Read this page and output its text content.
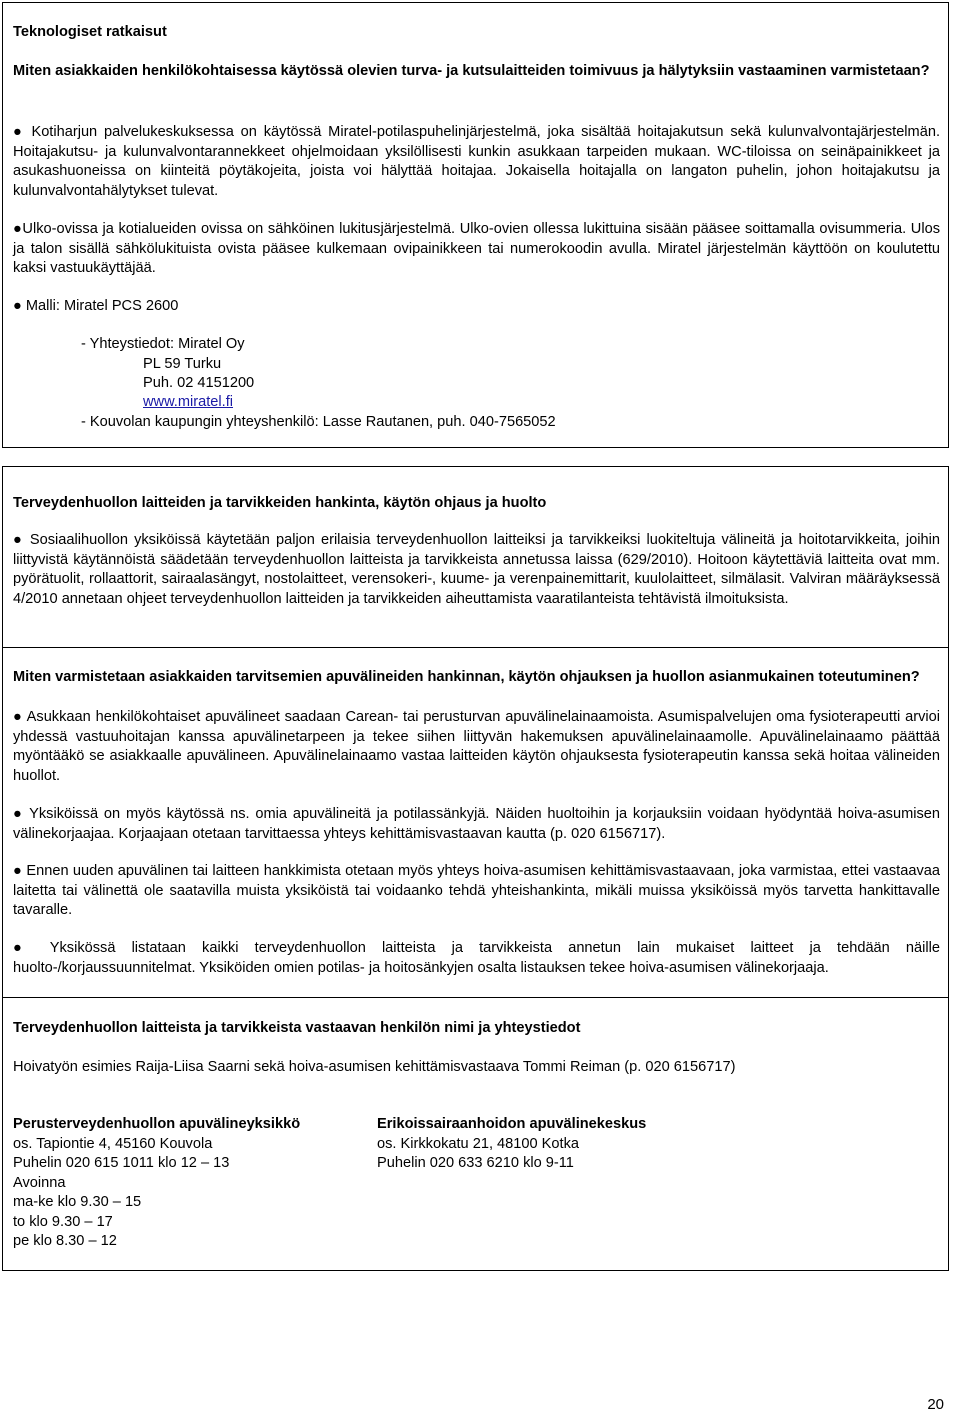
Teknologiset ratkaisut

Miten asiakkaiden henkilökohtaisessa käytössä olevien turva- ja kutsulaitteiden toimivuus ja hälytyksiin vastaaminen varmistetaan?

● Kotiharjun palvelukeskuksessa on käytössä Miratel-potilaspuhelinjärjestelmä, joka sisältää hoitajakutsun sekä kulunvalvontajärjestelmän. Hoitajakutsu- ja kulunvalvontarannekkeet ohjelmoidaan yksilöllisesti kunkin asukkaan tarpeiden mukaan. WC-tiloissa on seinäpainikkeet ja asukashuoneissa on kiinteitä pöytäkojeita, joista voi hälyttää hoitajaa. Jokaisella hoitajalla on langaton puhelin, johon hoitajakutsu ja kulunvalvontahälytykset tulevat.

●Ulko-ovissa ja kotialueiden ovissa on sähköinen lukitusjärjestelmä. Ulko-ovien ollessa lukittuina sisään pääsee soittamalla ovisummeria. Ulos ja talon sisällä sähkölukituista ovista pääsee kulkemaan ovipainikkeen tai numerokoodin avulla. Miratel järjestelmän käyttöön on koulutettu kaksi vastuukäyttäjää.

● Malli: Miratel PCS 2600

- Yhteystiedot: Miratel Oy

PL 59 Turku

Puh. 02 4151200

www.miratel.fi

- Kouvolan kaupungin yhteyshenkilö: Lasse Rautanen, puh. 040-7565052

Terveydenhuollon laitteiden ja tarvikkeiden hankinta, käytön ohjaus ja huolto

● Sosiaalihuollon yksiköissä käytetään paljon erilaisia terveydenhuollon laitteiksi ja tarvikkeiksi luokiteltuja välineitä ja hoitotarvikkeita, joihin liittyvistä käytännöistä säädetään terveydenhuollon laitteista ja tarvikkeista annetussa laissa (629/2010). Hoitoon käytettäviä laitteita ovat mm. pyörätuolit, rollaattorit, sairaalasängyt, nostolaitteet, verensokeri-, kuume- ja verenpainemittarit, kuulolaitteet, silmälasit. Valviran määräyksessä 4/2010 annetaan ohjeet terveydenhuollon laitteiden ja tarvikkeiden aiheuttamista vaaratilanteista tehtävistä ilmoituksista.

Miten varmistetaan asiakkaiden tarvitsemien apuvälineiden hankinnan, käytön ohjauksen ja huollon asianmukainen toteutuminen?

● Asukkaan henkilökohtaiset apuvälineet saadaan Carean- tai perusturvan apuvälinelainaamoista. Asumispalvelujen oma fysioterapeutti arvioi yhdessä vastuuhoitajan kanssa apuvälinetarpeen ja tekee siihen liittyvän hakemuksen apuvälinelainaamolle. Apuvälinelainaamo päättää myöntääkö se asiakkaalle apuvälineen. Apuvälinelainaamo vastaa laitteiden käytön ohjauksesta fysioterapeutin kanssa sekä hoitaa välineiden huollot.

● Yksiköissä on myös käytössä ns. omia apuvälineitä ja potilassänkyjä. Näiden huoltoihin ja korjauksiin voidaan hyödyntää hoiva-asumisen välinekorjaajaa. Korjaajaan otetaan tarvittaessa yhteys kehittämisvastaavan kautta (p. 020 6156717).

● Ennen uuden apuvälinen tai laitteen hankkimista otetaan myös yhteys hoiva-asumisen kehittämisvastaavaan, joka varmistaa, ettei vastaavaa laitetta tai välinettä ole saatavilla muista yksiköistä tai voidaanko tehdä yhteishankinta, mikäli muissa yksiköissä myös tarvetta hankittavalle tavaralle.

● Yksikössä listataan kaikki terveydenhuollon laitteista ja tarvikkeista annetun lain mukaiset laitteet ja tehdään näille huolto-/korjaussuunnitelmat. Yksiköiden omien potilas- ja hoitosänkyjen osalta listauksen tekee hoiva-asumisen välinekorjaaja.

Terveydenhuollon laitteista ja tarvikkeista vastaavan henkilön nimi ja yhteystiedot

Hoivatyön esimies Raija-Liisa Saarni sekä hoiva-asumisen kehittämisvastaava Tommi Reiman (p. 020 6156717)

Perusterveydenhuollon apuvälineyksikkö

os. Tapiontie 4, 45160 Kouvola

Puhelin 020 615 1011 klo 12 – 13

Avoinna

ma-ke klo 9.30 – 15

to klo 9.30 – 17

pe klo 8.30 – 12

Erikoissairaanhoidon apuvälinekeskus

os. Kirkkokatu 21, 48100 Kotka

Puhelin 020 633 6210 klo 9-11

20
